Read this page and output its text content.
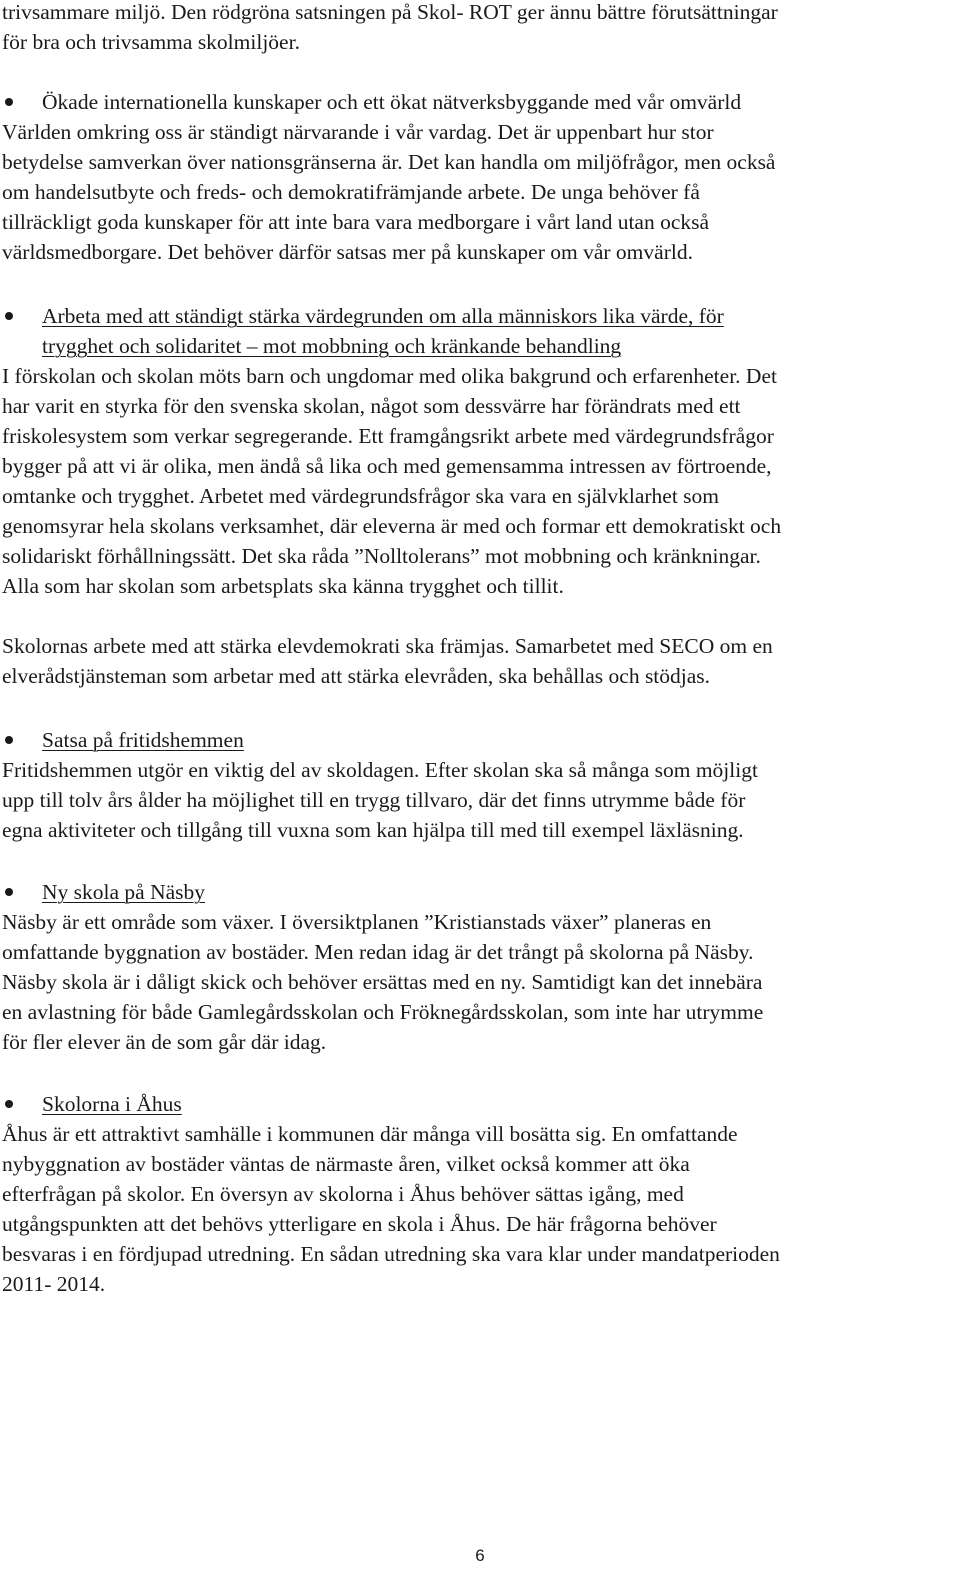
trivsammare miljö. Den rödgröna satsningen på Skol- ROT ger ännu bättre förutsättningar
för bra och trivsamma skolmiljöer.
Ökade internationella kunskaper och ett ökat nätverksbyggande med vår omvärld
Världen omkring oss är ständigt närvarande i vår vardag. Det är uppenbart hur stor
betydelse samverkan över nationsgränserna är. Det kan handla om miljöfrågor, men också
om handelsutbyte och freds- och demokratifrämjande arbete. De unga behöver få
tillräckligt goda kunskaper för att inte bara vara medborgare i vårt land utan också
världsmedborgare. Det behöver därför satsas mer på kunskaper om vår omvärld.
Arbeta med att ständigt stärka värdegrunden om alla människors lika värde, för
trygghet och solidaritet – mot mobbning och kränkande behandling
I förskolan och skolan möts barn och ungdomar med olika bakgrund och erfarenheter. Det
har varit en styrka för den svenska skolan, något som dessvärre har förändrats med ett
friskolesystem som verkar segregerande. Ett framgångsrikt arbete med värdegrundsfrågor
bygger på att vi är olika, men ändå så lika och med gemensamma intressen av förtroende,
omtanke och trygghet. Arbetet med värdegrundsfrågor ska vara en självklarhet som
genomsyrar hela skolans verksamhet, där eleverna är med och formar ett demokratiskt och
solidariskt förhållningssätt. Det ska råda ”Nolltolerans” mot mobbning och kränkningar.
Alla som har skolan som arbetsplats ska känna trygghet och tillit.
Skolornas arbete med att stärka elevdemokrati ska främjas. Samarbetet med SECO om en
elverådstjänsteman som arbetar med att stärka elevråden, ska behållas och stödjas.
Satsa på fritidshemmen
Fritidshemmen utgör en viktig del av skoldagen. Efter skolan ska så många som möjligt
upp till tolv års ålder ha möjlighet till en trygg tillvaro, där det finns utrymme både för
egna aktiviteter och tillgång till vuxna som kan hjälpa till med till exempel läxläsning.
Ny skola på Näsby
Näsby är ett område som växer. I översiktplanen ”Kristianstads växer” planeras en
omfattande byggnation av bostäder. Men redan idag är det trångt på skolorna på Näsby.
Näsby skola är i dåligt skick och behöver ersättas med en ny. Samtidigt kan det innebära
en avlastning för både Gamlegårdsskolan och Fröknegårdsskolan, som inte har utrymme
för fler elever än de som går där idag.
Skolorna i Åhus
Åhus är ett attraktivt samhälle i kommunen där många vill bosätta sig. En omfattande
nybyggnation av bostäder väntas de närmaste åren, vilket också kommer att öka
efterfrågan på skolor. En översyn av skolorna i Åhus behöver sättas igång, med
utgångspunkten att det behövs ytterligare en skola i Åhus. De här frågorna behöver
besvaras i en fördjupad utredning. En sådan utredning ska vara klar under mandatperioden
2011- 2014.
6
